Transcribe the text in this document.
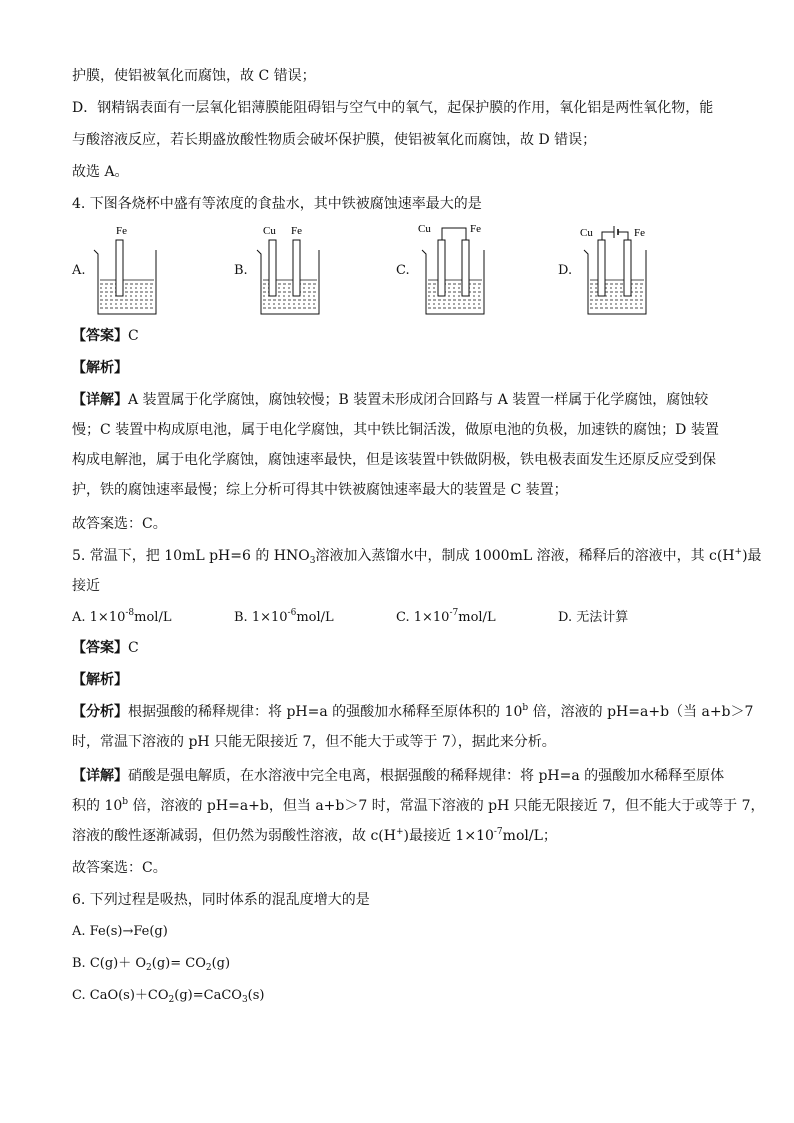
护膜，使铝被氧化而腐蚀，故 C 错误；
D．钢精锅表面有一层氧化铝薄膜能阻碍铝与空气中的氧气，起保护膜的作用，氧化铝是两性氧化物，能
与酸溶液反应，若长期盛放酸性物质会破坏保护膜，使铝被氧化而腐蚀，故 D 错误；
故选 A。
4. 下图各烧杯中盛有等浓度的食盐水，其中铁被腐蚀速率最大的是
A.
Fe
B.
Cu Fe
C.
Cu	Fe
D.
Cu	Fe
【答案】C
【解析】
【详解】A 装置属于化学腐蚀，腐蚀较慢；B 装置未形成闭合回路与 A 装置一样属于化学腐蚀，腐蚀较
慢；C 装置中构成原电池，属于电化学腐蚀，其中铁比铜活泼，做原电池的负极，加速铁的腐蚀；D 装置
构成电解池，属于电化学腐蚀，腐蚀速率最快，但是该装置中铁做阴极，铁电极表面发生还原反应受到保
护，铁的腐蚀速率最慢；综上分析可得其中铁被腐蚀速率最大的装置是 C 装置；
故答案选：C。
5. 常温下，把 10mL pH=6 的 $HNO_3$溶液加入蒸馏水中，制成 1000mL 溶液，稀释后的溶液中，其 c(H+)最
接近
A. $1\times 10^{-8}mol/L$	B. $1\times 10^{-6}mol/L$	C. $1\times 10^{-7}mol/L$	D. 无法计算
【答案】C
【解析】
【分析】根据强酸的稀释规律：将 pH=a 的强酸加水稀释至原体积的 10$^b$ 倍，溶液的 pH=a+b（当 a+b＞7
时，常温下溶液的 pH 只能无限接近 7，但不能大于或等于 7），据此来分析。
【详解】硝酸是强电解质，在水溶液中完全电离，根据强酸的稀释规律：将 pH=a 的强酸加水稀释至原体
积的 10$^b$ 倍，溶液的 pH=a+b，但当 a+b＞7 时，常温下溶液的 pH 只能无限接近 7，但不能大于或等于 7，
溶液的酸性逐渐减弱，但仍然为弱酸性溶液，故 c(H+)最接近 $1\times 10^{-7}mol/L$；
故答案选：C。
6. 下列过程是吸热，同时体系的混乱度增大的是
A. Fe(s)→Fe(g)
B. $C(g)+ O_2(g)= CO_2(g)$
C. $CaO(s)+CO_2(g)=CaCO_3(s)$
